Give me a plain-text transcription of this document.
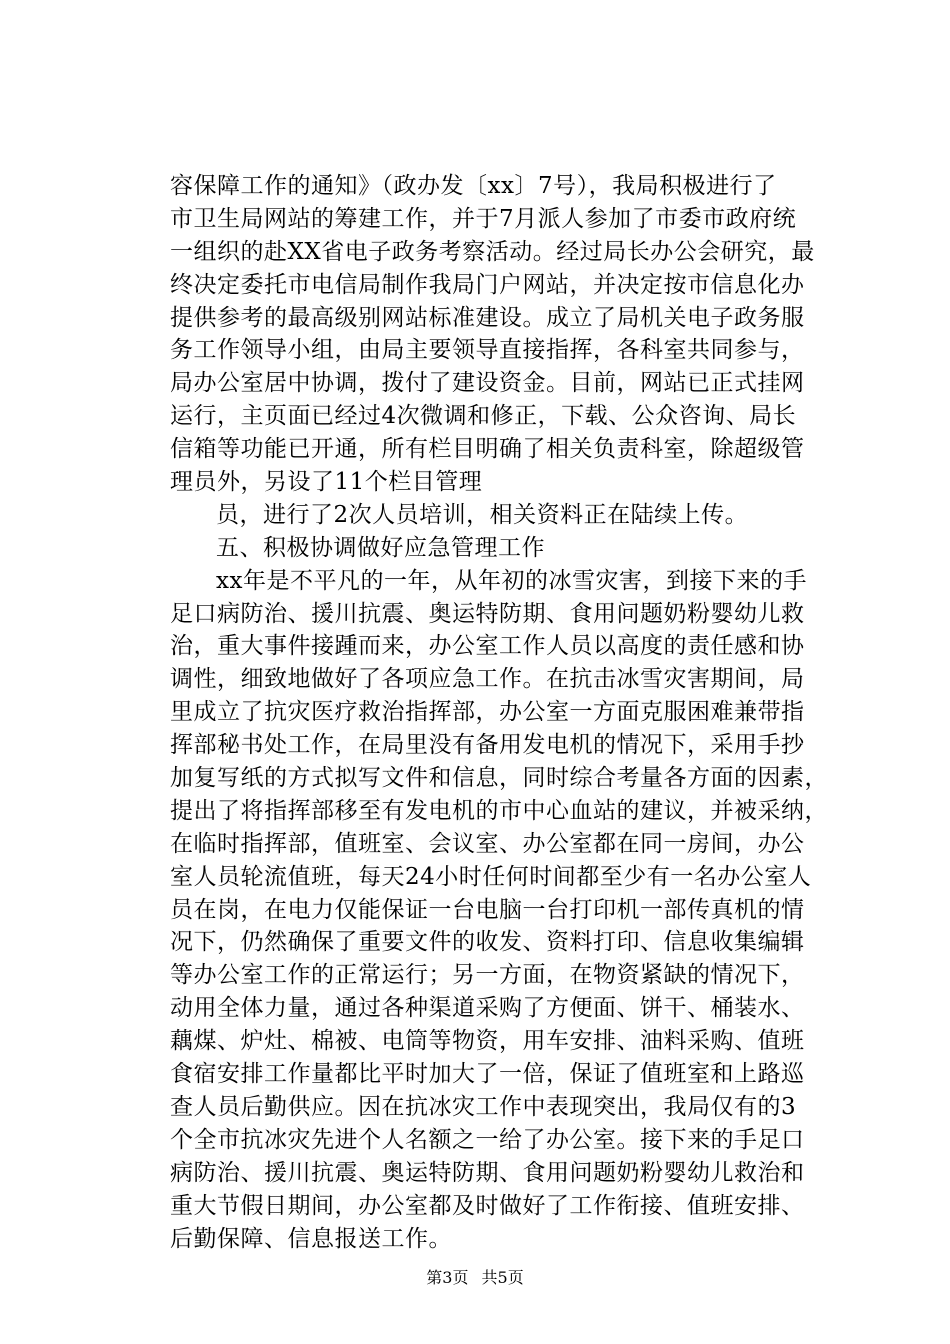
容保障工作的通知》（政办发〔xx〕7号），我局积极进行了
市卫生局网站的筹建工作，并于7月派人参加了市委市政府统
一组织的赴XX省电子政务考察活动。经过局长办公会研究，最
终决定委托市电信局制作我局门户网站，并决定按市信息化办
提供参考的最高级别网站标准建设。成立了局机关电子政务服
务工作领导小组，由局主要领导直接指挥，各科室共同参与，
局办公室居中协调，拨付了建设资金。目前，网站已正式挂网
运行，主页面已经过4次微调和修正，下载、公众咨询、局长
信箱等功能已开通，所有栏目明确了相关负责科室，除超级管
理员外，另设了11个栏目管理
员，进行了2次人员培训，相关资料正在陆续上传。
五、积极协调做好应急管理工作
xx年是不平凡的一年，从年初的冰雪灾害，到接下来的手
足口病防治、援川抗震、奥运特防期、食用问题奶粉婴幼儿救
治，重大事件接踵而来，办公室工作人员以高度的责任感和协
调性，细致地做好了各项应急工作。在抗击冰雪灾害期间，局
里成立了抗灾医疗救治指挥部，办公室一方面克服困难兼带指
挥部秘书处工作，在局里没有备用发电机的情况下，采用手抄
加复写纸的方式拟写文件和信息，同时综合考量各方面的因素，
提出了将指挥部移至有发电机的市中心血站的建议，并被采纳，
在临时指挥部，值班室、会议室、办公室都在同一房间，办公
室人员轮流值班，每天24小时任何时间都至少有一名办公室人
员在岗，在电力仅能保证一台电脑一台打印机一部传真机的情
况下，仍然确保了重要文件的收发、资料打印、信息收集编辑
等办公室工作的正常运行；另一方面，在物资紧缺的情况下，
动用全体力量，通过各种渠道采购了方便面、饼干、桶装水、
藕煤、炉灶、棉被、电筒等物资，用车安排、油料采购、值班
食宿安排工作量都比平时加大了一倍，保证了值班室和上路巡
查人员后勤供应。因在抗冰灾工作中表现突出，我局仅有的3
个全市抗冰灾先进个人名额之一给了办公室。接下来的手足口
病防治、援川抗震、奥运特防期、食用问题奶粉婴幼儿救治和
重大节假日期间，办公室都及时做好了工作衔接、值班安排、
后勤保障、信息报送工作。
第3页 共5页
